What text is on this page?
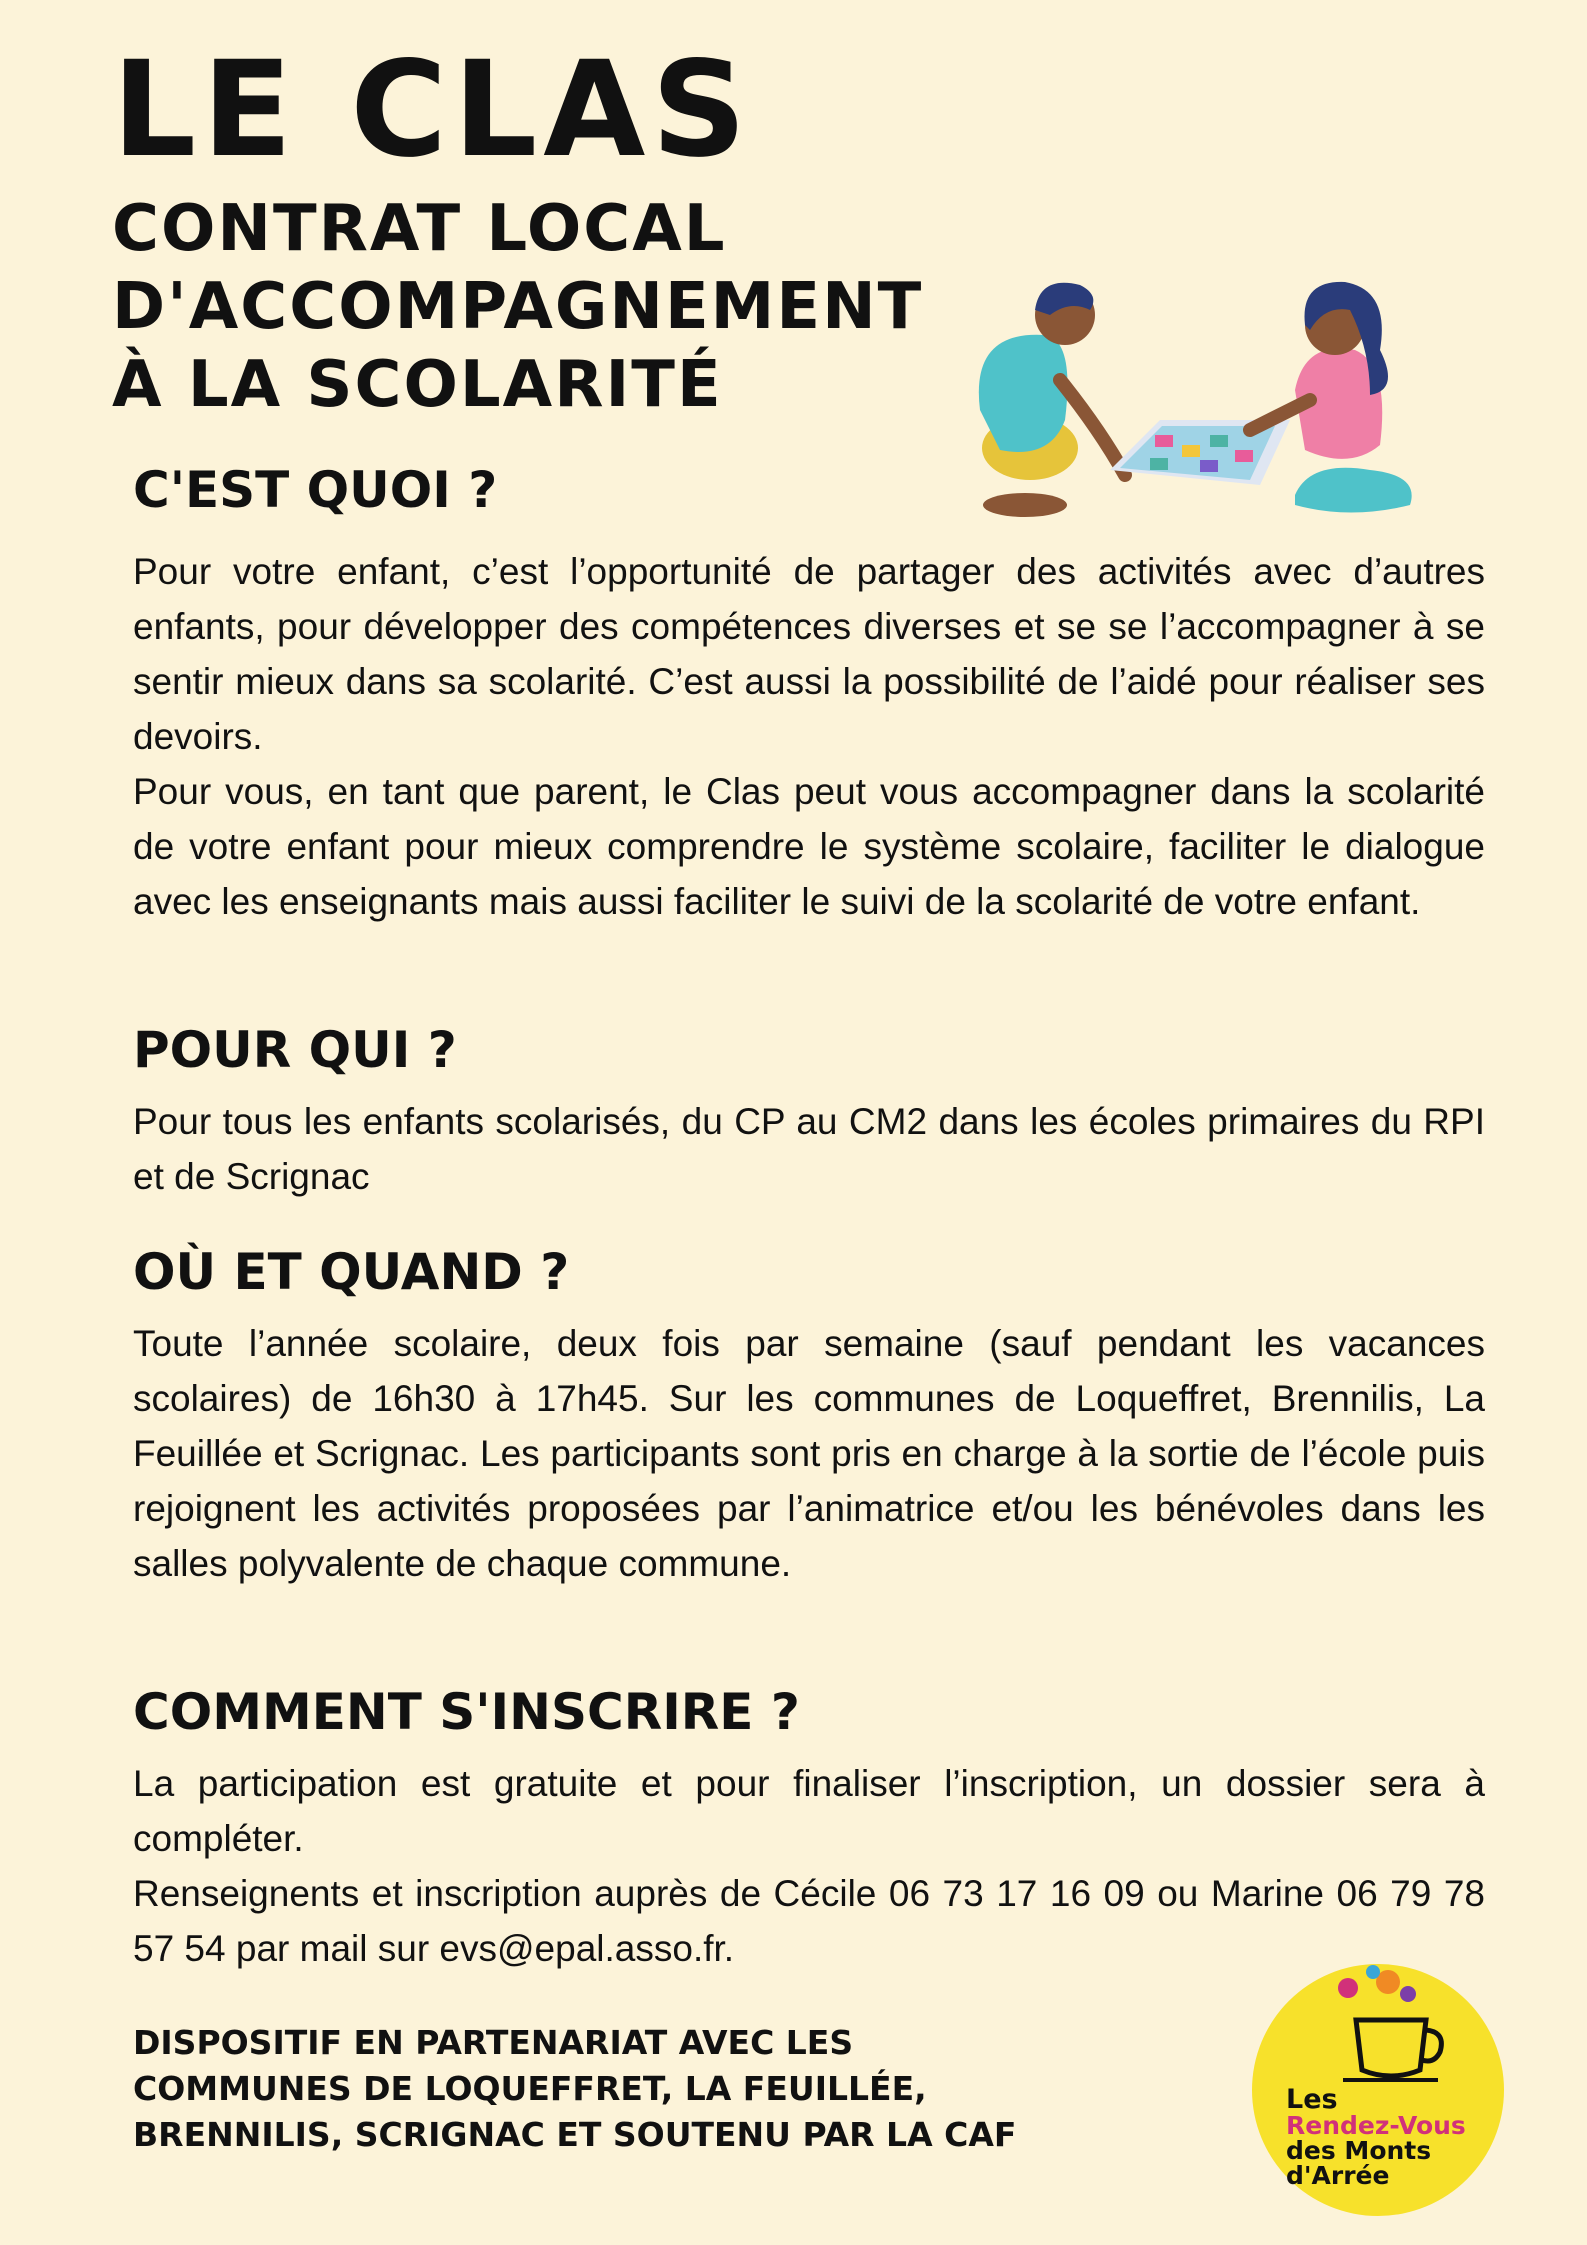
LE CLAS
CONTRAT LOCAL D'ACCOMPAGNEMENT
À LA SCOLARITÉ
C'EST QUOI ?

Pour votre enfant, c’est l’opportunité de partager des activités avec d’autres enfants, pour développer des compétences diverses et se se l’accompagner à se sentir mieux dans sa scolarité. C’est aussi la possibilité de l’aidé pour réaliser ses devoirs.

Pour vous, en tant que parent, le Clas peut vous accompagner dans la scolarité de votre enfant pour mieux comprendre le système scolaire, faciliter le dialogue avec les enseignants mais aussi faciliter le suivi de la scolarité de votre enfant.

POUR QUI ?

Pour tous les enfants scolarisés, du CP au CM2 dans les écoles primaires du RPI et de Scrignac

OÙ ET QUAND ?

Toute l’année scolaire, deux fois par semaine (sauf pendant les vacances scolaires) de 16h30 à 17h45. Sur les communes de Loqueffret, Brennilis, La Feuillée et Scrignac. Les participants sont pris en charge à la sortie de l’école puis rejoignent les activités proposées par l’animatrice et/ou les bénévoles dans les salles polyvalente de chaque commune.

COMMENT S'INSCRIRE ?

La participation est gratuite et pour finaliser l’inscription, un dossier sera à compléter.

Renseignents et inscription auprès de Cécile 06 73 17 16 09 ou Marine 06 79 78 57 54 par mail sur evs@epal.asso.fr.

DISPOSITIF EN PARTENARIAT AVEC LES
COMMUNES DE LOQUEFFRET, LA FEUILLÉE,
BRENNILIS, SCRIGNAC ET SOUTENU PAR LA CAF
Les
Rendez-Vous
des Monts
d'Arrée
